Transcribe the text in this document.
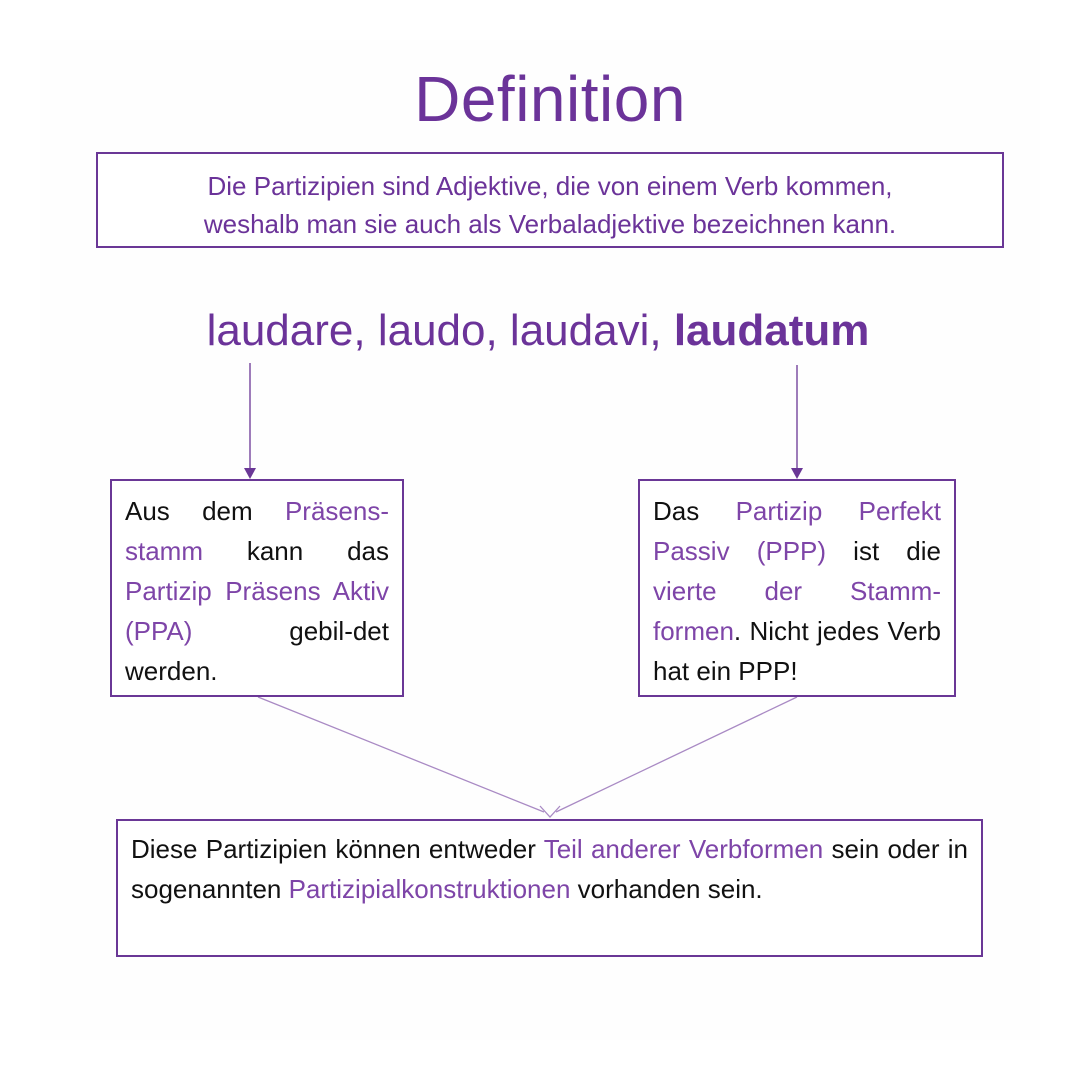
Definition
Die Partizipien sind Adjektive, die von einem Verb kommen,
weshalb man sie auch als Verbaladjektive bezeichnen kann.
laudare, laudo, laudavi, laudatum
Aus dem Präsens-stamm kann das Partizip Präsens Aktiv (PPA) gebil-det werden.
Das Partizip Perfekt Passiv (PPP) ist die vierte der Stamm-formen. Nicht jedes Verb hat ein PPP!
Diese Partizipien können entweder Teil anderer Verbformen sein oder in sogenannten Partizipialkonstruktionen vorhanden sein.
